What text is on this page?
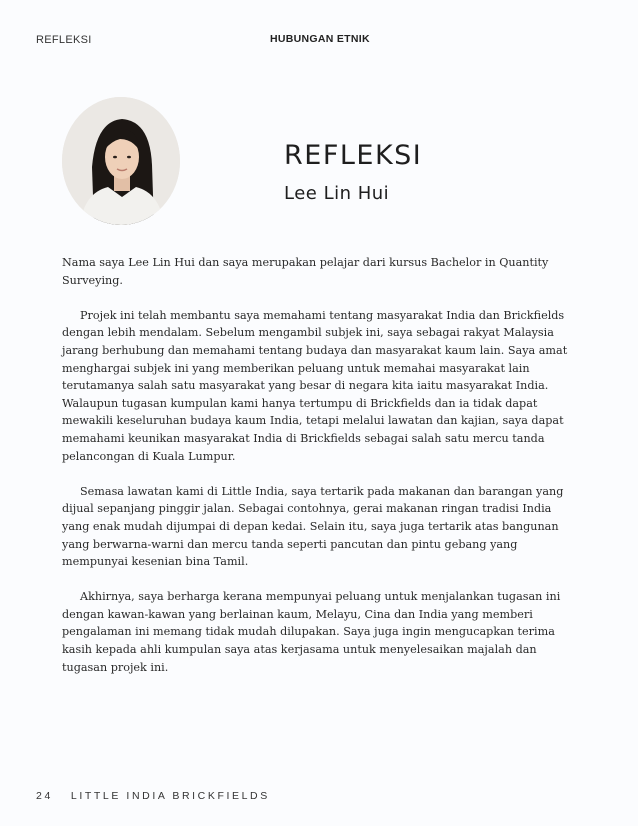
REFLEKSI	HUBUNGAN ETNIK
REFLEKSI
Lee Lin Hui

Nama saya Lee Lin Hui dan saya merupakan pelajar dari kursus Bachelor in Quantity Surveying.

Projek ini telah membantu saya memahami tentang masyarakat India dan Brickfields dengan lebih mendalam. Sebelum mengambil subjek ini, saya sebagai rakyat Malaysia jarang berhubung dan memahami tentang budaya dan masyarakat kaum lain. Saya amat menghargai subjek ini yang memberikan peluang untuk memahai masyarakat lain terutamanya salah satu masyarakat yang besar di negara kita iaitu masyarakat India. Walaupun tugasan kumpulan kami hanya tertumpu di Brickfields dan ia tidak dapat mewakili keseluruhan budaya kaum India, tetapi melalui lawatan dan kajian, saya dapat memahami keunikan masyarakat India di Brickfields sebagai salah satu mercu tanda pelancongan di Kuala Lumpur.

Semasa lawatan kami di Little India, saya tertarik pada makanan dan barangan yang dijual sepanjang pinggir jalan. Sebagai contohnya, gerai makanan ringan tradisi India yang enak mudah dijumpai di depan kedai. Selain itu, saya juga tertarik atas bangunan yang berwarna-warni dan mercu tanda seperti pancutan dan pintu gebang yang mempunyai kesenian bina Tamil.

Akhirnya, saya berharga kerana mempunyai peluang untuk menjalankan tugasan ini dengan kawan-kawan yang berlainan kaum, Melayu, Cina dan India yang memberi pengalaman ini memang tidak mudah dilupakan. Saya juga ingin mengucapkan terima kasih kepada ahli kumpulan saya atas kerjasama untuk menyelesaikan majalah dan tugasan projek ini.

24 LITTLE INDIA BRICKFIELDS
